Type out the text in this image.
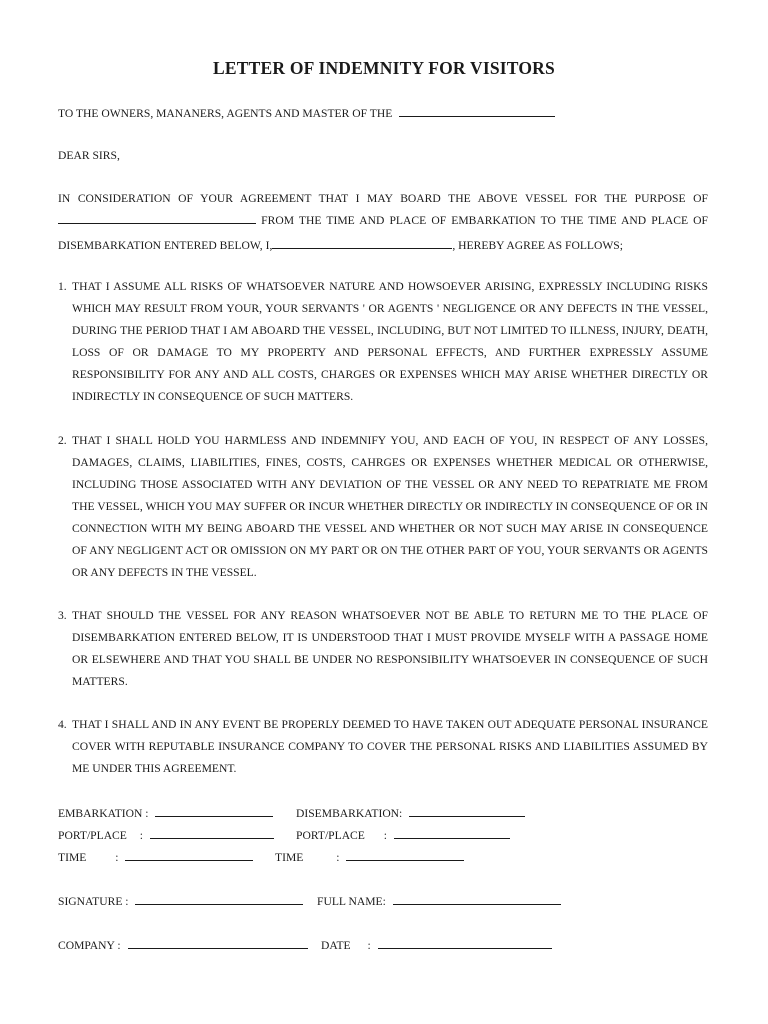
LETTER OF INDEMNITY FOR VISITORS
TO THE OWNERS, MANANERS, AGENTS AND MASTER OF THE
DEAR SIRS,
IN CONSIDERATION OF YOUR AGREEMENT THAT I MAY BOARD THE ABOVE VESSEL FOR THE PURPOSE OF
FROM THE TIME AND PLACE OF EMBARKATION TO THE TIME AND PLACE OF
DISEMBARKATION ENTERED BELOW, I,	, HEREBY AGREE AS FOLLOWS;
1. THAT I ASSUME ALL RISKS OF WHATSOEVER NATURE AND HOWSOEVER ARISING, EXPRESSLY INCLUDING RISKS WHICH MAY RESULT FROM YOUR, YOUR SERVANTS ' OR AGENTS ' NEGLIGENCE OR ANY DEFECTS IN THE VESSEL, DURING THE PERIOD THAT I AM ABOARD THE VESSEL, INCLUDING, BUT NOT LIMITED TO ILLNESS, INJURY, DEATH, LOSS OF OR DAMAGE TO MY PROPERTY AND PERSONAL EFFECTS, AND FURTHER EXPRESSLY ASSUME RESPONSIBILITY FOR ANY AND ALL COSTS, CHARGES OR EXPENSES WHICH MAY ARISE WHETHER DIRECTLY OR INDIRECTLY IN CONSEQUENCE OF SUCH MATTERS.
2. THAT I SHALL HOLD YOU HARMLESS AND INDEMNIFY YOU, AND EACH OF YOU, IN RESPECT OF ANY LOSSES, DAMAGES, CLAIMS, LIABILITIES, FINES, COSTS, CAHRGES OR EXPENSES WHETHER MEDICAL OR OTHERWISE, INCLUDING THOSE ASSOCIATED WITH ANY DEVIATION OF THE VESSEL OR ANY NEED TO REPATRIATE ME FROM THE VESSEL, WHICH YOU MAY SUFFER OR INCUR WHETHER DIRECTLY OR INDIRECTLY IN CONSEQUENCE OF OR IN CONNECTION WITH MY BEING ABOARD THE VESSEL AND WHETHER OR NOT SUCH MAY ARISE IN CONSEQUENCE OF ANY NEGLIGENT ACT OR OMISSION ON MY PART OR ON THE OTHER PART OF YOU, YOUR SERVANTS OR AGENTS OR ANY DEFECTS IN THE VESSEL.
3. THAT SHOULD THE VESSEL FOR ANY REASON WHATSOEVER NOT BE ABLE TO RETURN ME TO THE PLACE OF DISEMBARKATION ENTERED BELOW, IT IS UNDERSTOOD THAT I MUST PROVIDE MYSELF WITH A PASSAGE HOME OR ELSEWHERE AND THAT YOU SHALL BE UNDER NO RESPONSIBILITY WHATSOEVER IN CONSEQUENCE OF SUCH MATTERS.
4. THAT I SHALL AND IN ANY EVENT BE PROPERLY DEEMED TO HAVE TAKEN OUT ADEQUATE PERSONAL INSURANCE COVER WITH REPUTABLE INSURANCE COMPANY TO COVER THE PERSONAL RISKS AND LIABILITIES ASSUMED BY ME UNDER THIS AGREEMENT.
EMBARKATION :	DISEMBARKATION:
PORT/PLACE :	PORT/PLACE :
TIME :	TIME	:
SIGNATURE :	FULL NAME:
COMPANY :	DATE :
